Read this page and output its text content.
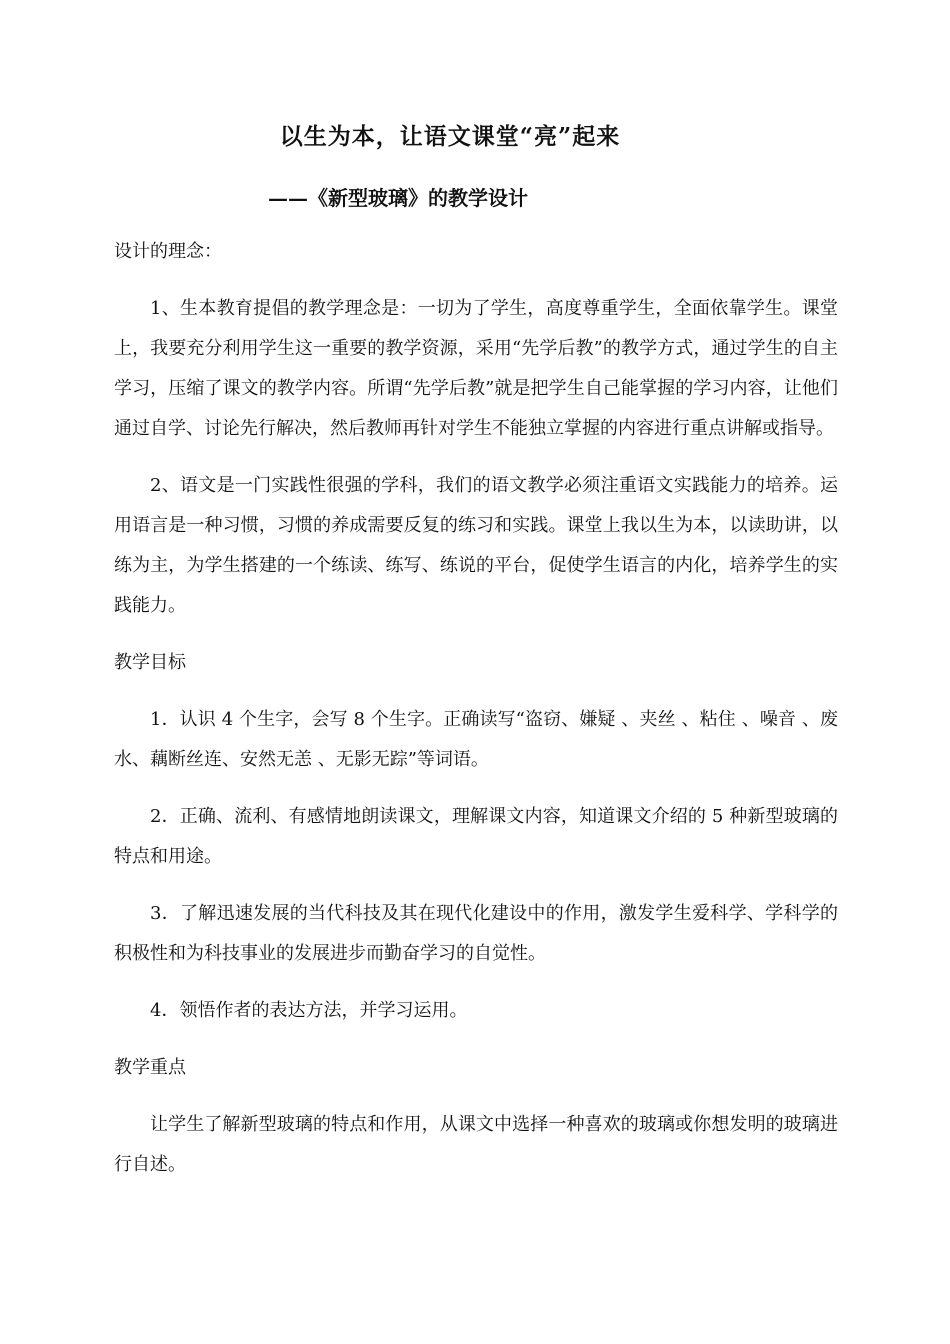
以生为本，让语文课堂“亮”起来
——《新型玻璃》的教学设计

设计的理念：

1、生本教育提倡的教学理念是：一切为了学生，高度尊重学生，全面依靠学生。课堂上，我要充分利用学生这一重要的教学资源，采用“先学后教”的教学方式，通过学生的自主学习，压缩了课文的教学内容。所谓“先学后教”就是把学生自己能掌握的学习内容，让他们通过自学、讨论先行解决，然后教师再针对学生不能独立掌握的内容进行重点讲解或指导。

2、语文是一门实践性很强的学科，我们的语文教学必须注重语文实践能力的培养。运用语言是一种习惯，习惯的养成需要反复的练习和实践。课堂上我以生为本，以读助讲，以练为主，为学生搭建的一个练读、练写、练说的平台，促使学生语言的内化，培养学生的实践能力。

教学目标

1．认识 4 个生字，会写 8 个生字。正确读写“盗窃、嫌疑 、夹丝 、粘住 、噪音 、废水、藕断丝连、安然无恙 、无影无踪”等词语。

2．正确、流利、有感情地朗读课文，理解课文内容，知道课文介绍的 5 种新型玻璃的特点和用途。

3．了解迅速发展的当代科技及其在现代化建设中的作用，激发学生爱科学、学科学的积极性和为科技事业的发展进步而勤奋学习的自觉性。

4．领悟作者的表达方法，并学习运用。

教学重点

让学生了解新型玻璃的特点和作用，从课文中选择一种喜欢的玻璃或你想发明的玻璃进行自述。
